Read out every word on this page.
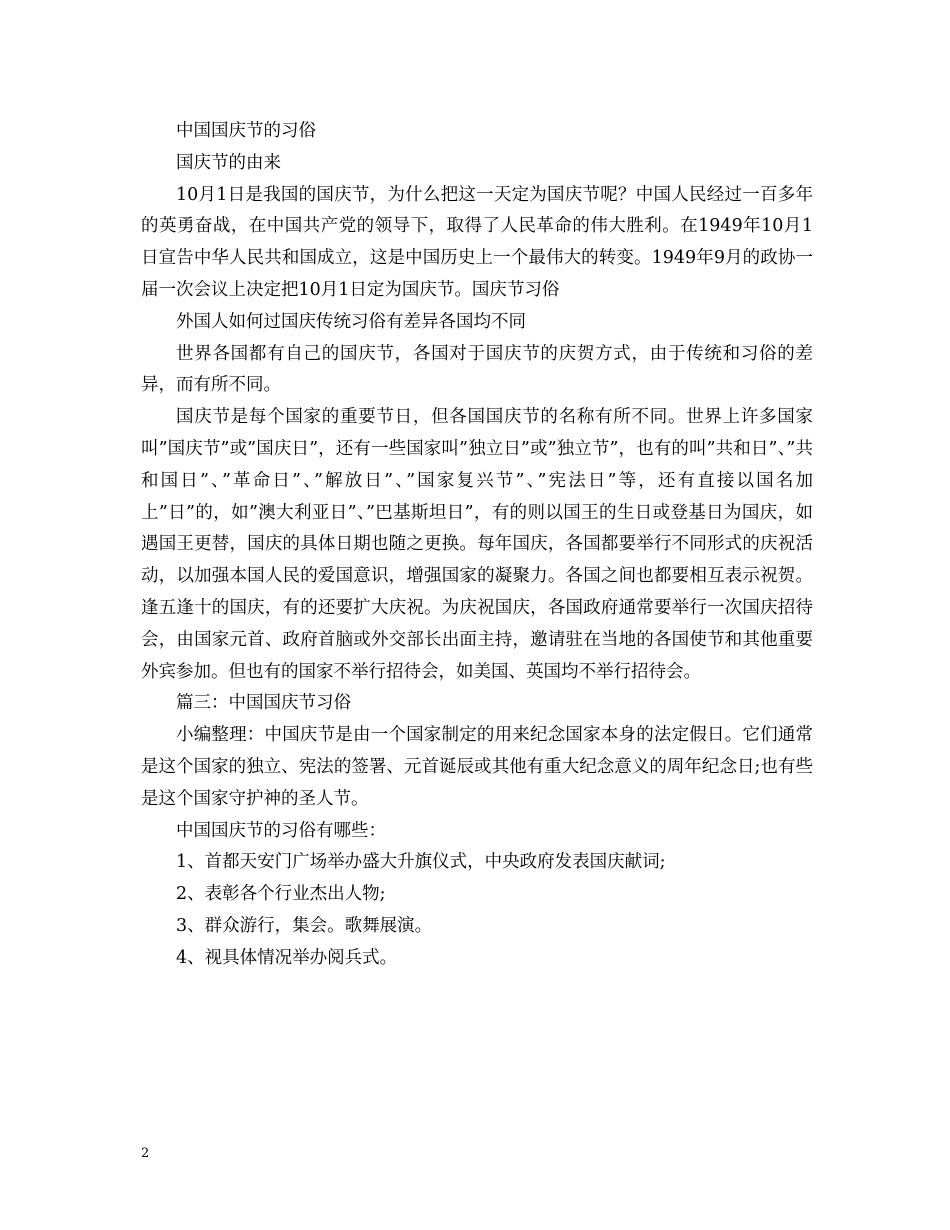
中国国庆节的习俗

国庆节的由来

10月1日是我国的国庆节，为什么把这一天定为国庆节呢？中国人民经过一百多年的英勇奋战，在中国共产党的领导下，取得了人民革命的伟大胜利。在1949年10月1日宣告中华人民共和国成立，这是中国历史上一个最伟大的转变。1949年9月的政协一届一次会议上决定把10月1日定为国庆节。国庆节习俗

外国人如何过国庆传统习俗有差异各国均不同

世界各国都有自己的国庆节，各国对于国庆节的庆贺方式，由于传统和习俗的差异，而有所不同。

国庆节是每个国家的重要节日，但各国国庆节的名称有所不同。世界上许多国家叫”国庆节”或”国庆日”，还有一些国家叫”独立日”或”独立节”，也有的叫”共和日”、”共和国日”、”革命日”、”解放日”、”国家复兴节”、”宪法日”等，还有直接以国名加上”日”的，如”澳大利亚日”、”巴基斯坦日”，有的则以国王的生日或登基日为国庆，如遇国王更替，国庆的具体日期也随之更换。每年国庆，各国都要举行不同形式的庆祝活动，以加强本国人民的爱国意识，增强国家的凝聚力。各国之间也都要相互表示祝贺。逢五逢十的国庆，有的还要扩大庆祝。为庆祝国庆，各国政府通常要举行一次国庆招待会，由国家元首、政府首脑或外交部长出面主持，邀请驻在当地的各国使节和其他重要外宾参加。但也有的国家不举行招待会，如美国、英国均不举行招待会。

篇三：中国国庆节习俗

小编整理：中国庆节是由一个国家制定的用来纪念国家本身的法定假日。它们通常是这个国家的独立、宪法的签署、元首诞辰或其他有重大纪念意义的周年纪念日;也有些是这个国家守护神的圣人节。

中国国庆节的习俗有哪些：

1、首都天安门广场举办盛大升旗仪式，中央政府发表国庆献词;

2、表彰各个行业杰出人物;

3、群众游行，集会。歌舞展演。

4、视具体情况举办阅兵式。

2
